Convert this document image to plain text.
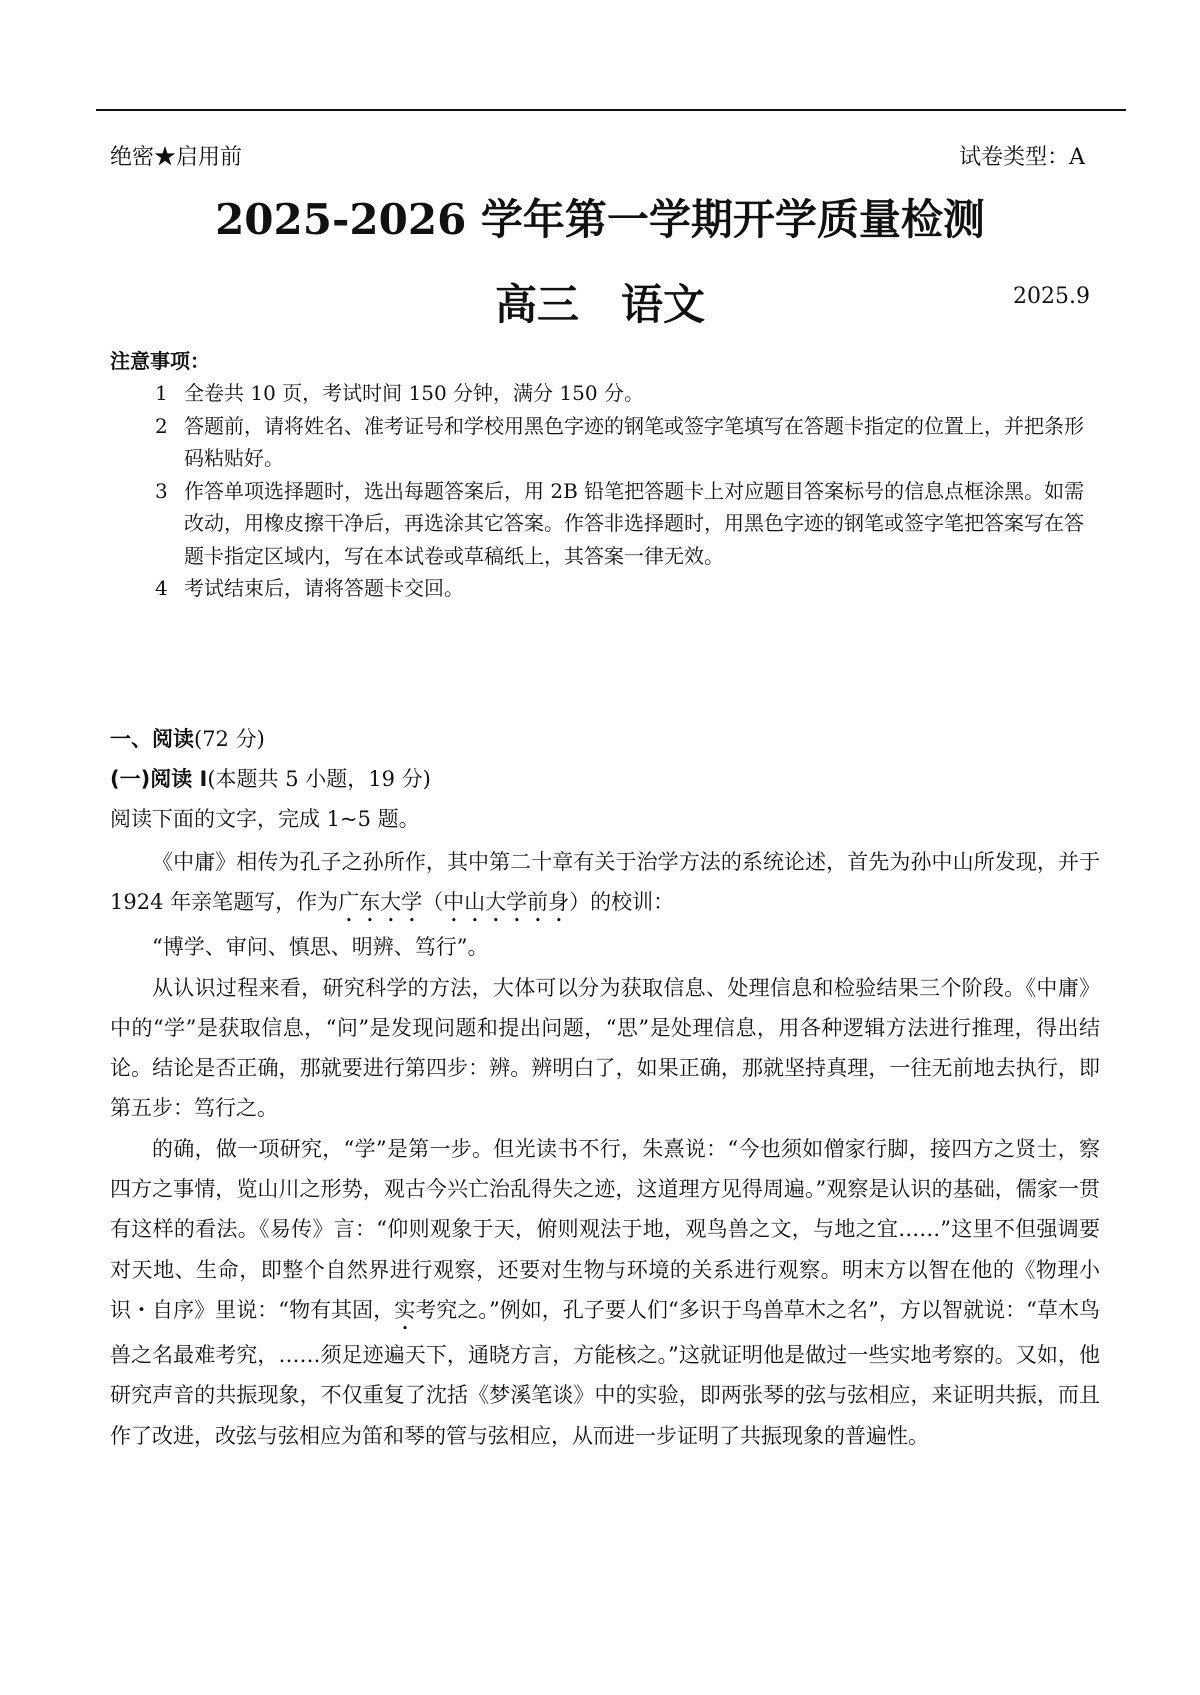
绝密★启用前	试卷类型：A
2025-2026 学年第一学期开学质量检测
高三　语文	2025.9
注意事项：
1 全卷共 10 页，考试时间 150 分钟，满分 150 分。
2 答题前，请将姓名、准考证号和学校用黑色字迹的钢笔或签字笔填写在答题卡指定的位置上，并把条形码粘贴好。
3 作答单项选择题时，选出每题答案后，用 2B 铅笔把答题卡上对应题目答案标号的信息点框涂黑。如需改动，用橡皮擦干净后，再选涂其它答案。作答非选择题时，用黑色字迹的钢笔或签字笔把答案写在答题卡指定区域内，写在本试卷或草稿纸上，其答案一律无效。
4 考试结束后，请将答题卡交回。
一、阅读(72 分)
(一)阅读 I(本题共 5 小题，19 分)
阅读下面的文字，完成 1~5 题。

《中庸》相传为孔子之孙所作，其中第二十章有关于治学方法的系统论述，首先为孙中山所发现，并于 1924 年亲笔题写，作为广东大学（中山大学前身）的校训：

“博学、审问、慎思、明辨、笃行”。

从认识过程来看，研究科学的方法，大体可以分为获取信息、处理信息和检验结果三个阶段。《中庸》中的“学”是获取信息，“问”是发现问题和提出问题，“思”是处理信息，用各种逻辑方法进行推理，得出结论。结论是否正确，那就要进行第四步：辨。辨明白了，如果正确，那就坚持真理，一往无前地去执行，即第五步：笃行之。

的确，做一项研究，“学”是第一步。但光读书不行，朱熹说：“今也须如僧家行脚，接四方之贤士，察四方之事情，览山川之形势，观古今兴亡治乱得失之迹，这道理方见得周遍。”观察是认识的基础，儒家一贯有这样的看法。《易传》言：“仰则观象于天，俯则观法于地，观鸟兽之文，与地之宜……”这里不但强调要对天地、生命，即整个自然界进行观察，还要对生物与环境的关系进行观察。明末方以智在他的《物理小识・自序》里说：“物有其固，实考究之。”例如，孔子要人们“多识于鸟兽草木之名”，方以智就说：“草木鸟兽之名最难考究，……须足迹遍天下，通晓方言，方能核之。”这就证明他是做过一些实地考察的。又如，他研究声音的共振现象，不仅重复了沈括《梦溪笔谈》中的实验，即两张琴的弦与弦相应，来证明共振，而且作了改进，改弦与弦相应为笛和琴的管与弦相应，从而进一步证明了共振现象的普遍性。
